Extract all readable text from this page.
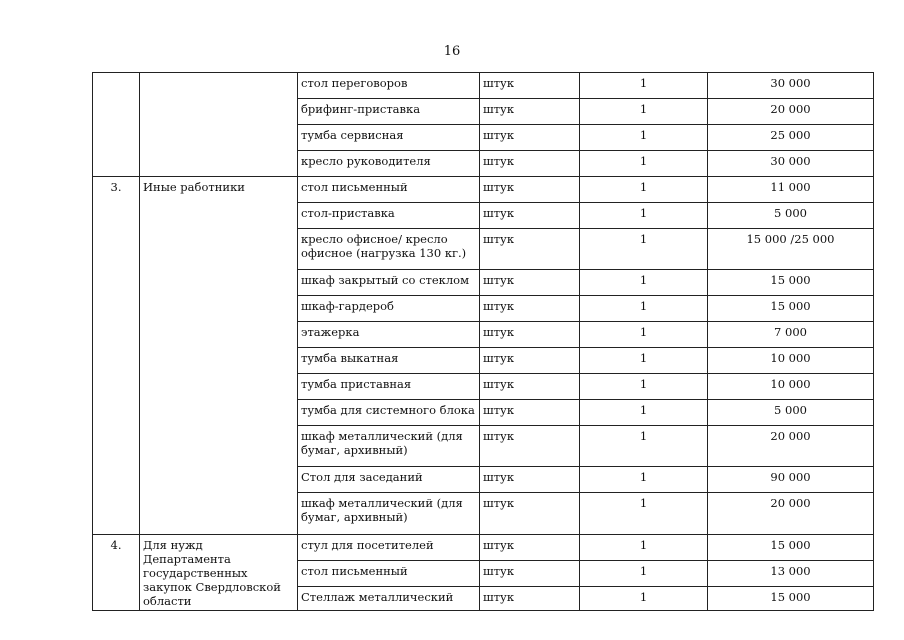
16
		стол переговоров	штук	1	30 000
		брифинг-приставка	штук	1	20 000
		тумба сервисная	штук	1	25 000
		кресло руководителя	штук	1	30 000
3.	Иные работники	стол письменный	штук	1	11 000
		стол-приставка	штук	1	5 000
		кресло офисное/ кресло офисное (нагрузка 130 кг.)	штук	1	15 000 /25 000
		шкаф закрытый со стеклом	штук	1	15 000
		шкаф-гардероб	штук	1	15 000
		этажерка	штук	1	7 000
		тумба выкатная	штук	1	10 000
		тумба приставная	штук	1	10 000
		тумба для системного блока	штук	1	5 000
		шкаф металлический (для бумаг, архивный)	штук	1	20 000
		Стол для заседаний	штук	1	90 000
		шкаф металлический (для бумаг, архивный)	штук	1	20 000
4.	Для нужд Департамента государственных закупок Свердловской области	стул для посетителей	штук	1	15 000
		стол письменный	штук	1	13 000
		Стеллаж металлический	штук	1	15 000
